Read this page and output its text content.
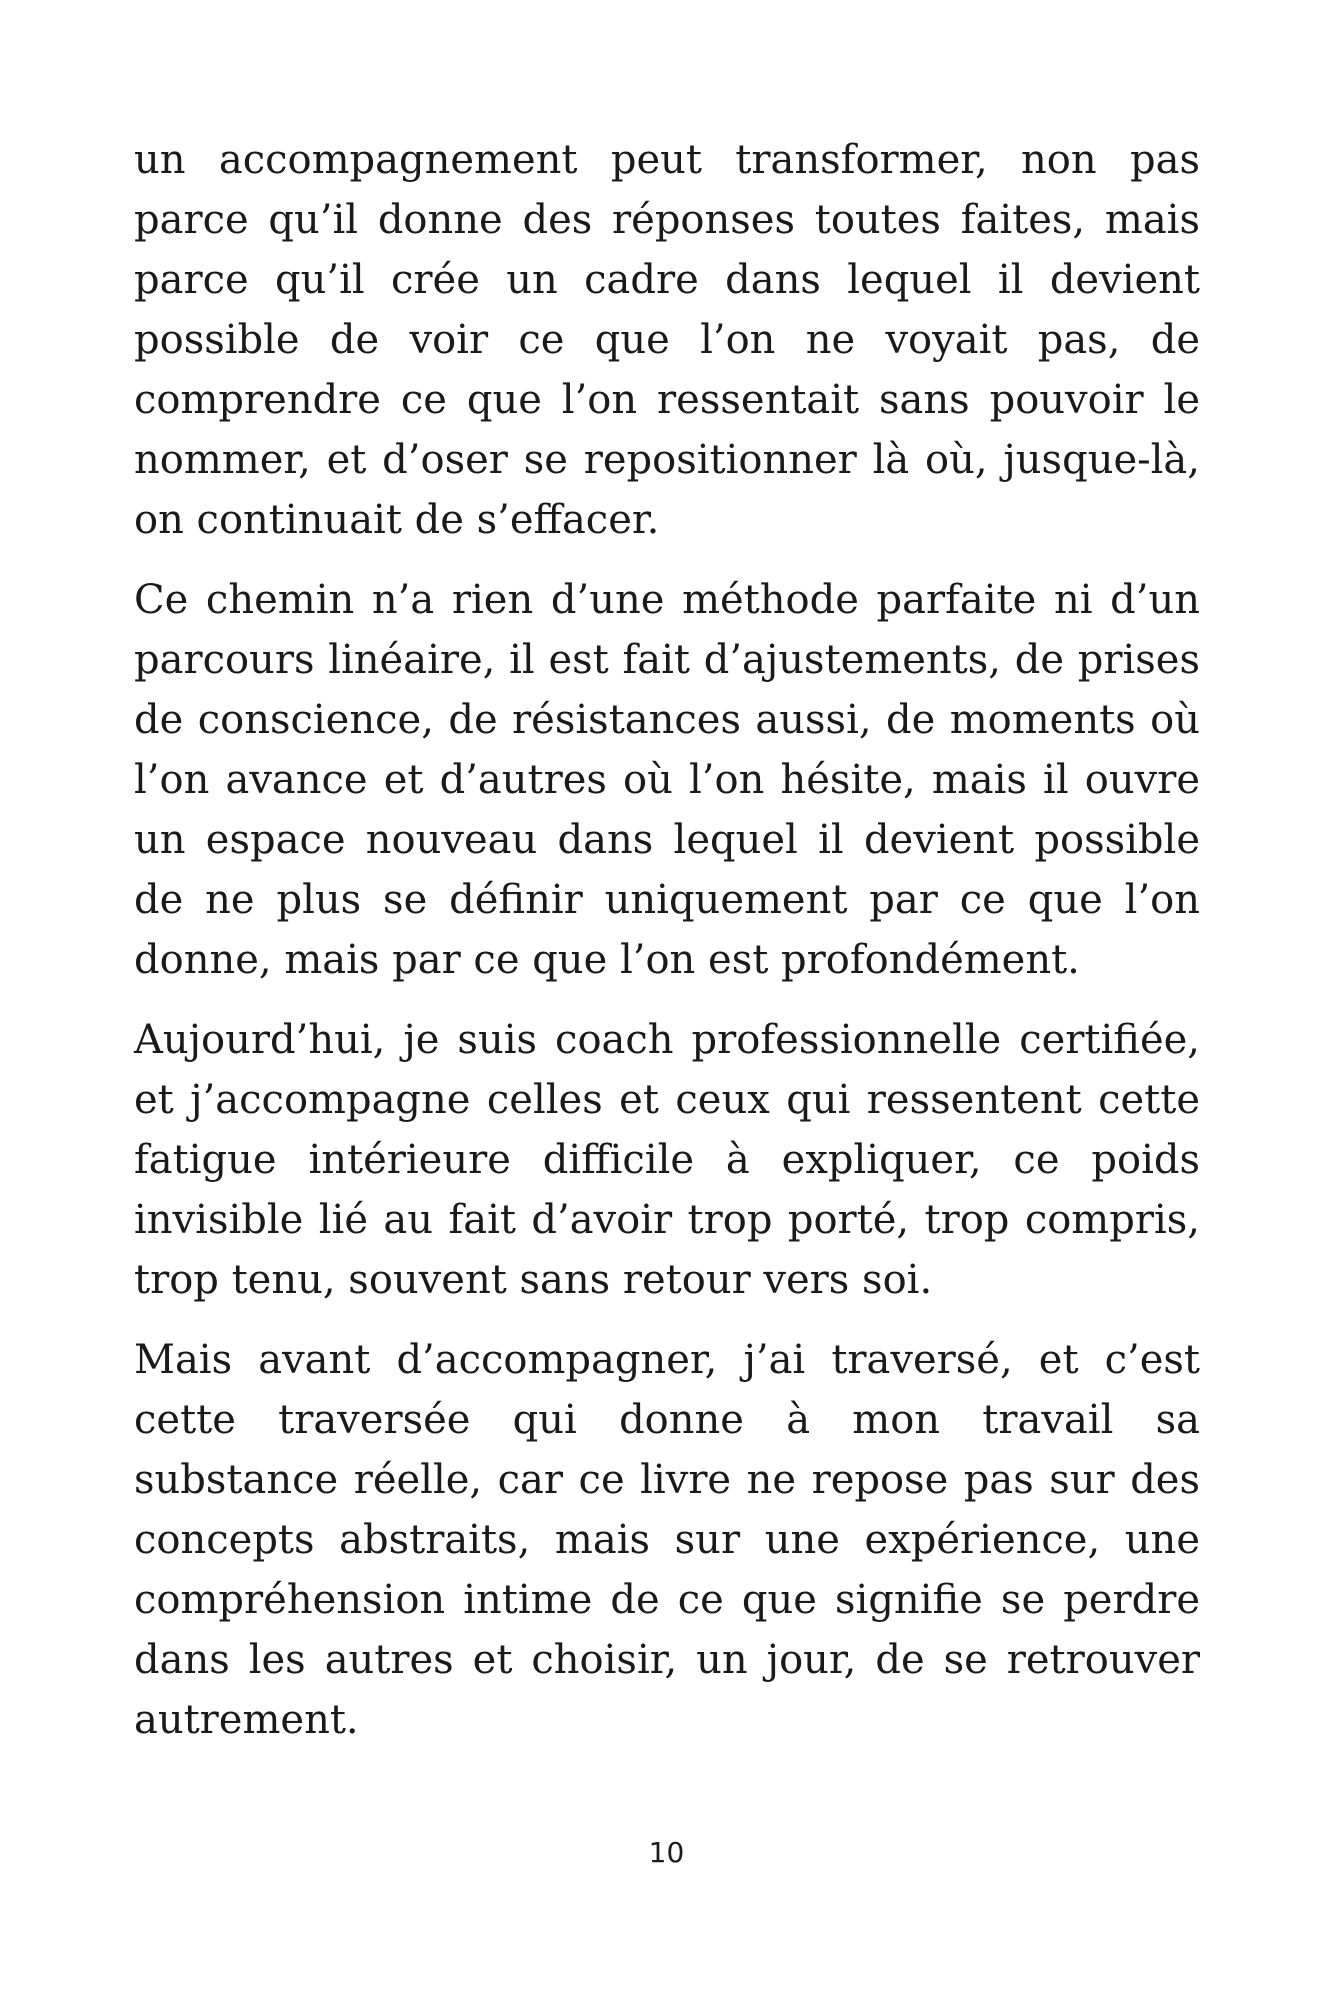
un accompagnement peut transformer, non pas parce qu’il donne des réponses toutes faites, mais parce qu’il crée un cadre dans lequel il devient possible de voir ce que l’on ne voyait pas, de comprendre ce que l’on ressentait sans pouvoir le nommer, et d’oser se repositionner là où, jusque-là, on continuait de s’effacer.

Ce chemin n’a rien d’une méthode parfaite ni d’un parcours linéaire, il est fait d’ajustements, de prises de conscience, de résistances aussi, de moments où l’on avance et d’autres où l’on hésite, mais il ouvre un espace nouveau dans lequel il devient possible de ne plus se définir uniquement par ce que l’on donne, mais par ce que l’on est profondément.

Aujourd’hui, je suis coach professionnelle certifiée, et j’accompagne celles et ceux qui ressentent cette fatigue intérieure difficile à expliquer, ce poids invisible lié au fait d’avoir trop porté, trop compris, trop tenu, souvent sans retour vers soi.

Mais avant d’accompagner, j’ai traversé, et c’est cette traversée qui donne à mon travail sa substance réelle, car ce livre ne repose pas sur des concepts abstraits, mais sur une expérience, une compréhension intime de ce que signifie se perdre dans les autres et choisir, un jour, de se retrouver autrement.

10
